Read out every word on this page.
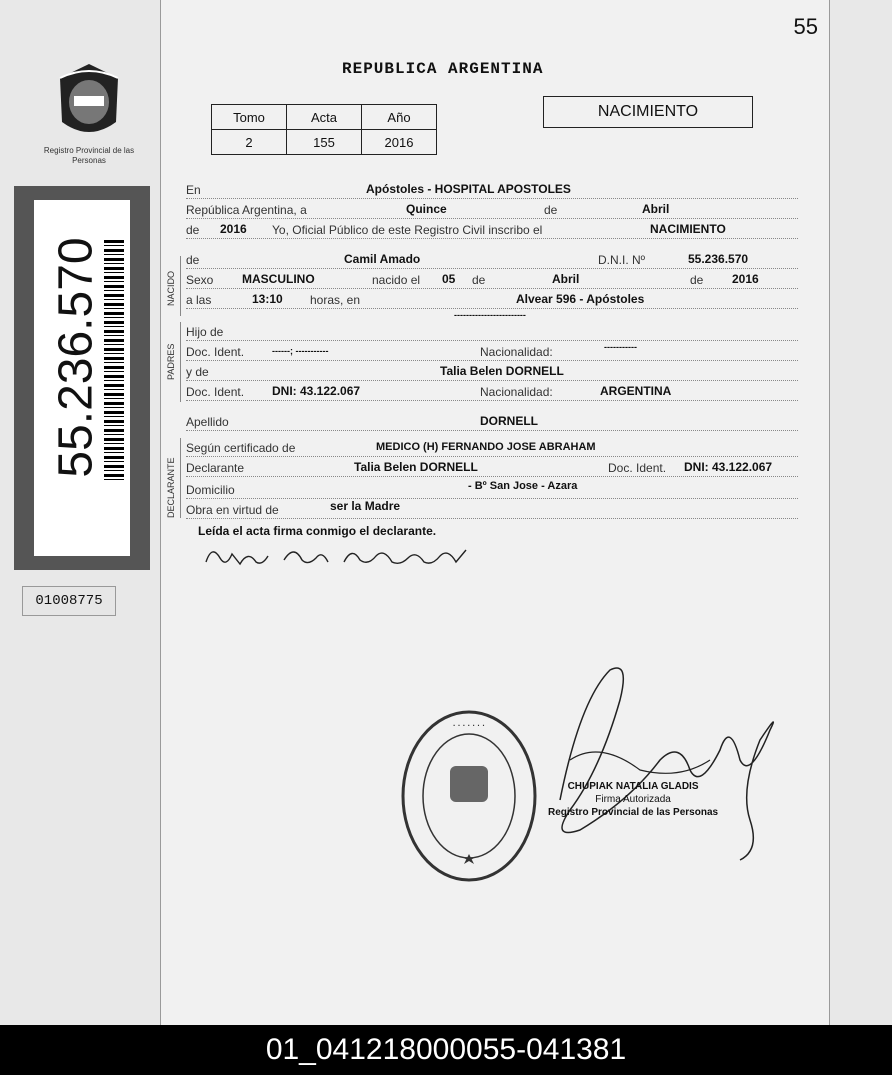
55
Registro Provincial de las Personas
55.236.570
01008775
REPUBLICA ARGENTINA
Tomo	Acta	Año
2	155	2016
NACIMIENTO
NACIDO
PADRES
DECLARANTE
En	Apóstoles - HOSPITAL APOSTOLES
República Argentina, a	Quince	de	Abril
de 2016 Yo, Oficial Público de este Registro Civil inscribo el	NACIMIENTO
de	Camil Amado	D.N.I. Nº	55.236.570
Sexo MASCULINO	nacido el 05 de	Abril	de 2016
a las	13:10 horas, en	Alvear 596 - Apóstoles
------------------------
Hijo de
Doc. Ident.	------; -----------	Nacionalidad:	-----------
y de	Talia Belen DORNELL
Doc. Ident. DNI: 43.122.067	Nacionalidad:	ARGENTINA
Apellido	DORNELL
Según certificado de	MEDICO (H) FERNANDO JOSE ABRAHAM
Declarante	Talia Belen DORNELL	Doc. Ident. DNI: 43.122.067
Domicilio	- Bº San Jose - Azara
Obra en virtud de	ser la Madre
Leída el acta firma conmigo el declarante.
· · · · · · ·
CHUPIAK NATALIA GLADIS
Firma Autorizada
Registro Provincial de las Personas
01_041218000055-041381
